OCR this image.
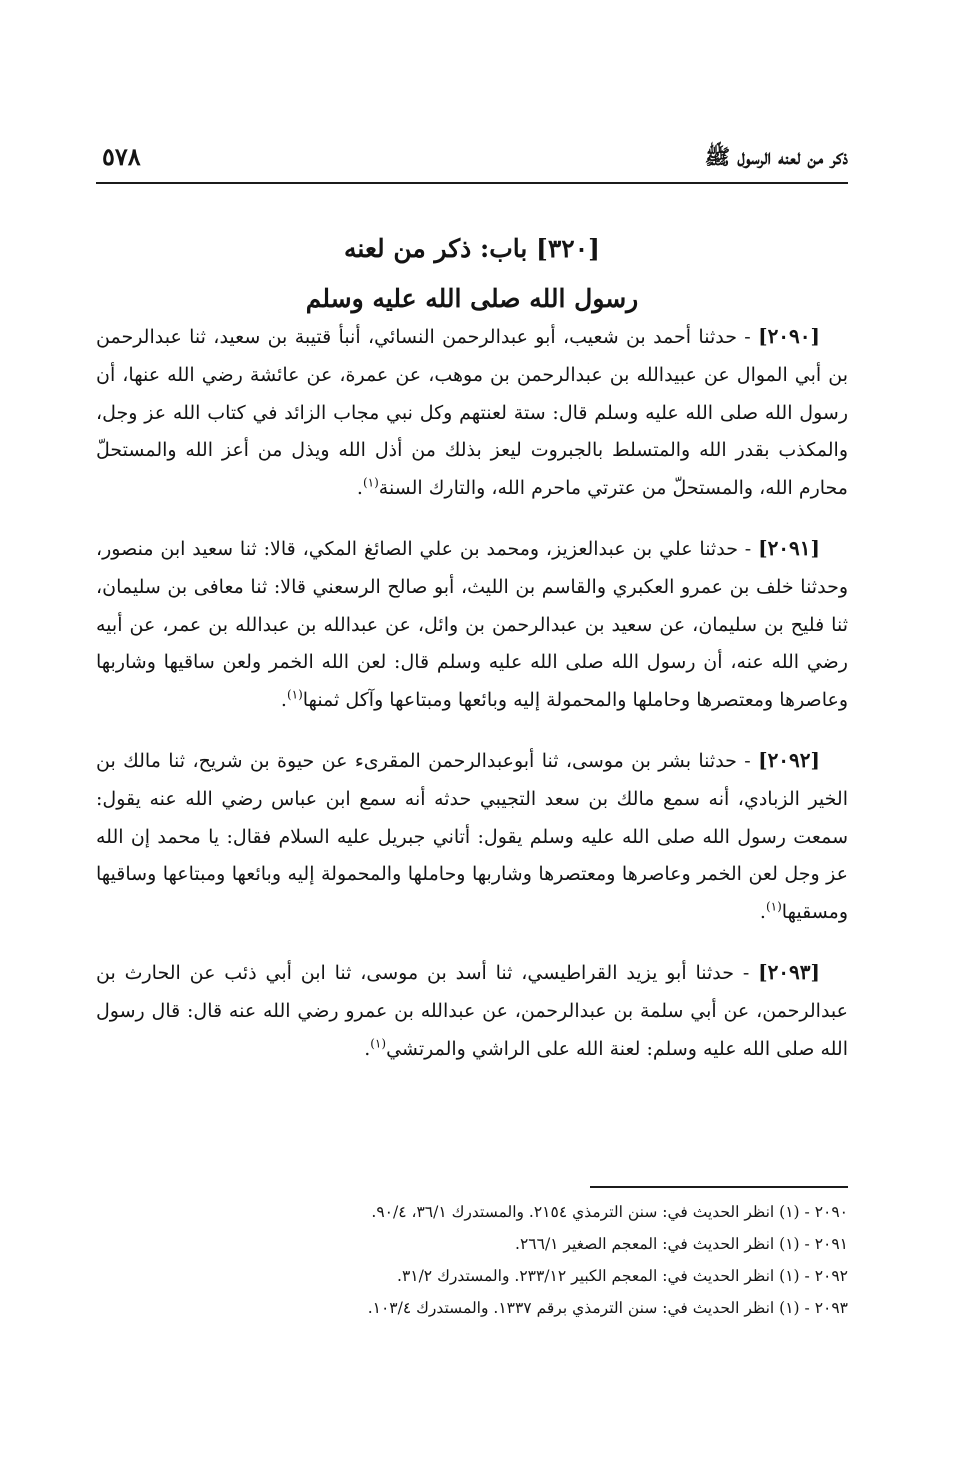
ذكر من لعنه الرسول ﷺ
٥٧٨
[٣٢٠] باب: ذكر من لعنه
رسول الله صلى الله عليه وسلم

[٢٠٩٠] - حدثنا أحمد بن شعيب، أبو عبدالرحمن النسائي، أنبأ قتيبة بن سعيد، ثنا عبدالرحمن بن أبي الموال عن عبيدالله بن عبدالرحمن بن موهب، عن عمرة، عن عائشة رضي الله عنها، أن رسول الله صلى الله عليه وسلم قال: ستة لعنتهم وكل نبي مجاب الزائد في كتاب الله عز وجل، والمكذب بقدر الله والمتسلط بالجبروت ليعز بذلك من أذل الله ويذل من أعز الله والمستحلّ محارم الله، والمستحلّ من عترتي ماحرم الله، والتارك السنة$^{(١)}$.

[٢٠٩١] - حدثنا علي بن عبدالعزيز، ومحمد بن علي الصائغ المكي، قالا: ثنا سعيد ابن منصور، وحدثنا خلف بن عمرو العكبري والقاسم بن الليث، أبو صالح الرسعني قالا: ثنا معافى بن سليمان، ثنا فليح بن سليمان، عن سعيد بن عبدالرحمن بن وائل، عن عبدالله بن عبدالله بن عمر، عن أبيه رضي الله عنه، أن رسول الله صلى الله عليه وسلم قال: لعن الله الخمر ولعن ساقيها وشاربها وعاصرها ومعتصرها وحاملها والمحمولة إليه وبائعها ومبتاعها وآكل ثمنها$^{(١)}$.

[٢٠٩٢] - حدثنا بشر بن موسى، ثنا أبوعبدالرحمن المقرىء عن حيوة بن شريح، ثنا مالك بن الخير الزبادي، أنه سمع مالك بن سعد التجيبي حدثه أنه سمع ابن عباس رضي الله عنه يقول: سمعت رسول الله صلى الله عليه وسلم يقول: أتاني جبريل عليه السلام فقال: يا محمد إن الله عز وجل لعن الخمر وعاصرها ومعتصرها وشاربها وحاملها والمحمولة إليه وبائعها ومبتاعها وساقيها ومسقيها$^{(١)}$.

[٢٠٩٣] - حدثنا أبو يزيد القراطيسي، ثنا أسد بن موسى، ثنا ابن أبي ذئب عن الحارث بن عبدالرحمن، عن أبي سلمة بن عبدالرحمن، عن عبدالله بن عمرو رضي الله عنه قال: قال رسول الله صلى الله عليه وسلم: لعنة الله على الراشي والمرتشي$^{(١)}$.

٢٠٩٠ - (١) انظر الحديث في: سنن الترمذي ٢١٥٤. والمستدرك ٣٦/١، ٩٠/٤.
٢٠٩١ - (١) انظر الحديث في: المعجم الصغير ٢٦٦/١.
٢٠٩٢ - (١) انظر الحديث في: المعجم الكبير ٢٣٣/١٢. والمستدرك ٣١/٢.
٢٠٩٣ - (١) انظر الحديث في: سنن الترمذي برقم ١٣٣٧. والمستدرك ١٠٣/٤.
